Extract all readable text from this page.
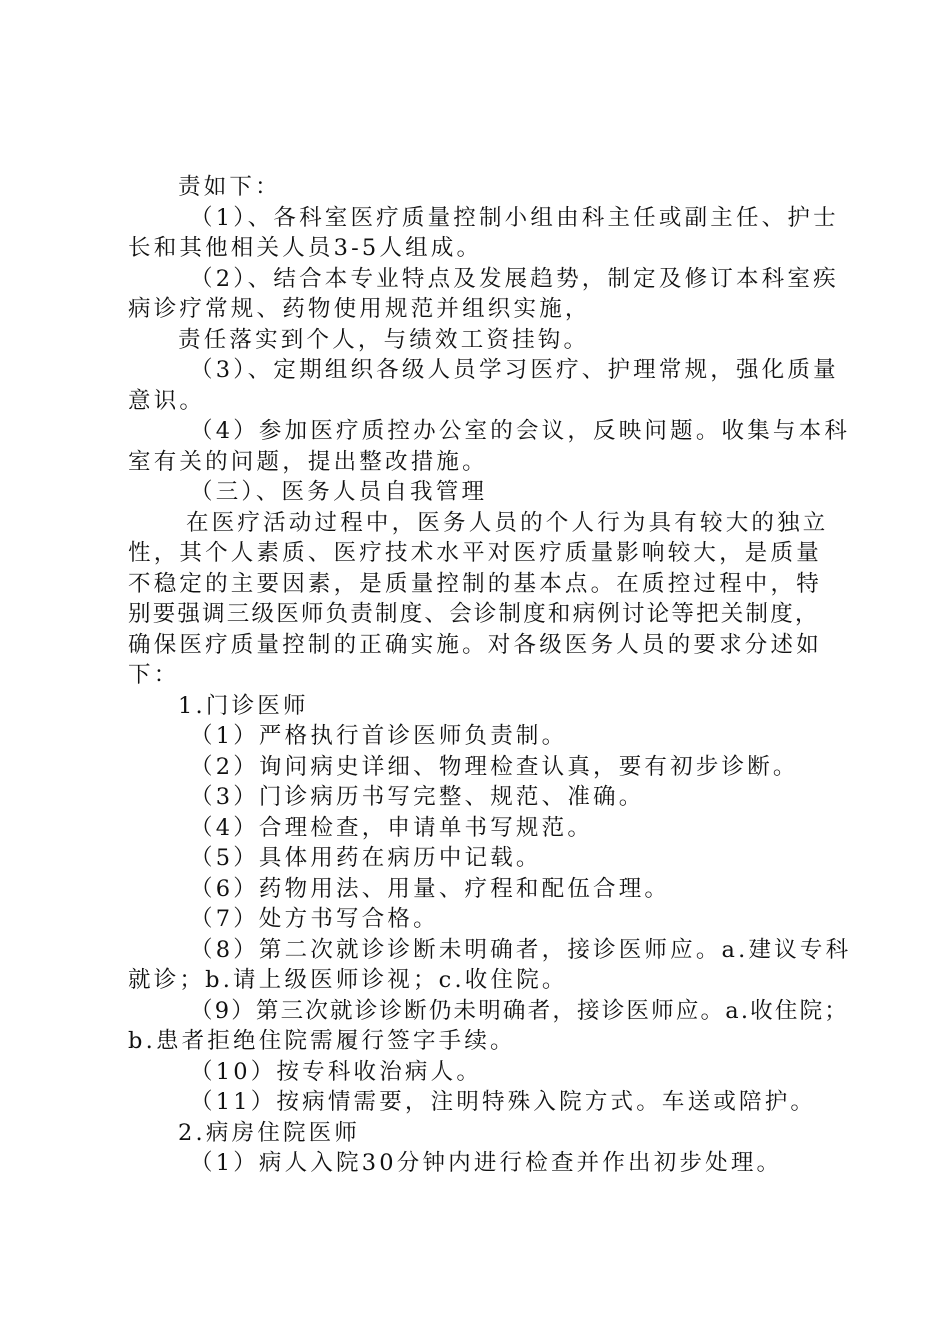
责如下：
（1）、各科室医疗质量控制小组由科主任或副主任、护士
长和其他相关人员3-5人组成。
（2）、结合本专业特点及发展趋势，制定及修订本科室疾
病诊疗常规、药物使用规范并组织实施，
责任落实到个人，与绩效工资挂钩。
（3）、定期组织各级人员学习医疗、护理常规，强化质量
意识。
（4）参加医疗质控办公室的会议，反映问题。收集与本科
室有关的问题，提出整改措施。
（三）、医务人员自我管理
在医疗活动过程中，医务人员的个人行为具有较大的独立
性，其个人素质、医疗技术水平对医疗质量影响较大，是质量
不稳定的主要因素，是质量控制的基本点。在质控过程中，特
别要强调三级医师负责制度、会诊制度和病例讨论等把关制度，
确保医疗质量控制的正确实施。对各级医务人员的要求分述如
下：
1.门诊医师
（1）严格执行首诊医师负责制。
（2）询问病史详细、物理检查认真，要有初步诊断。
（3）门诊病历书写完整、规范、准确。
（4）合理检查，申请单书写规范。
（5）具体用药在病历中记载。
（6）药物用法、用量、疗程和配伍合理。
（7）处方书写合格。
（8）第二次就诊诊断未明确者，接诊医师应。a.建议专科
就诊；b.请上级医师诊视；c.收住院。
（9）第三次就诊诊断仍未明确者，接诊医师应。a.收住院；
b.患者拒绝住院需履行签字手续。
（10）按专科收治病人。
（11）按病情需要，注明特殊入院方式。车送或陪护。
2.病房住院医师
（1）病人入院30分钟内进行检查并作出初步处理。
